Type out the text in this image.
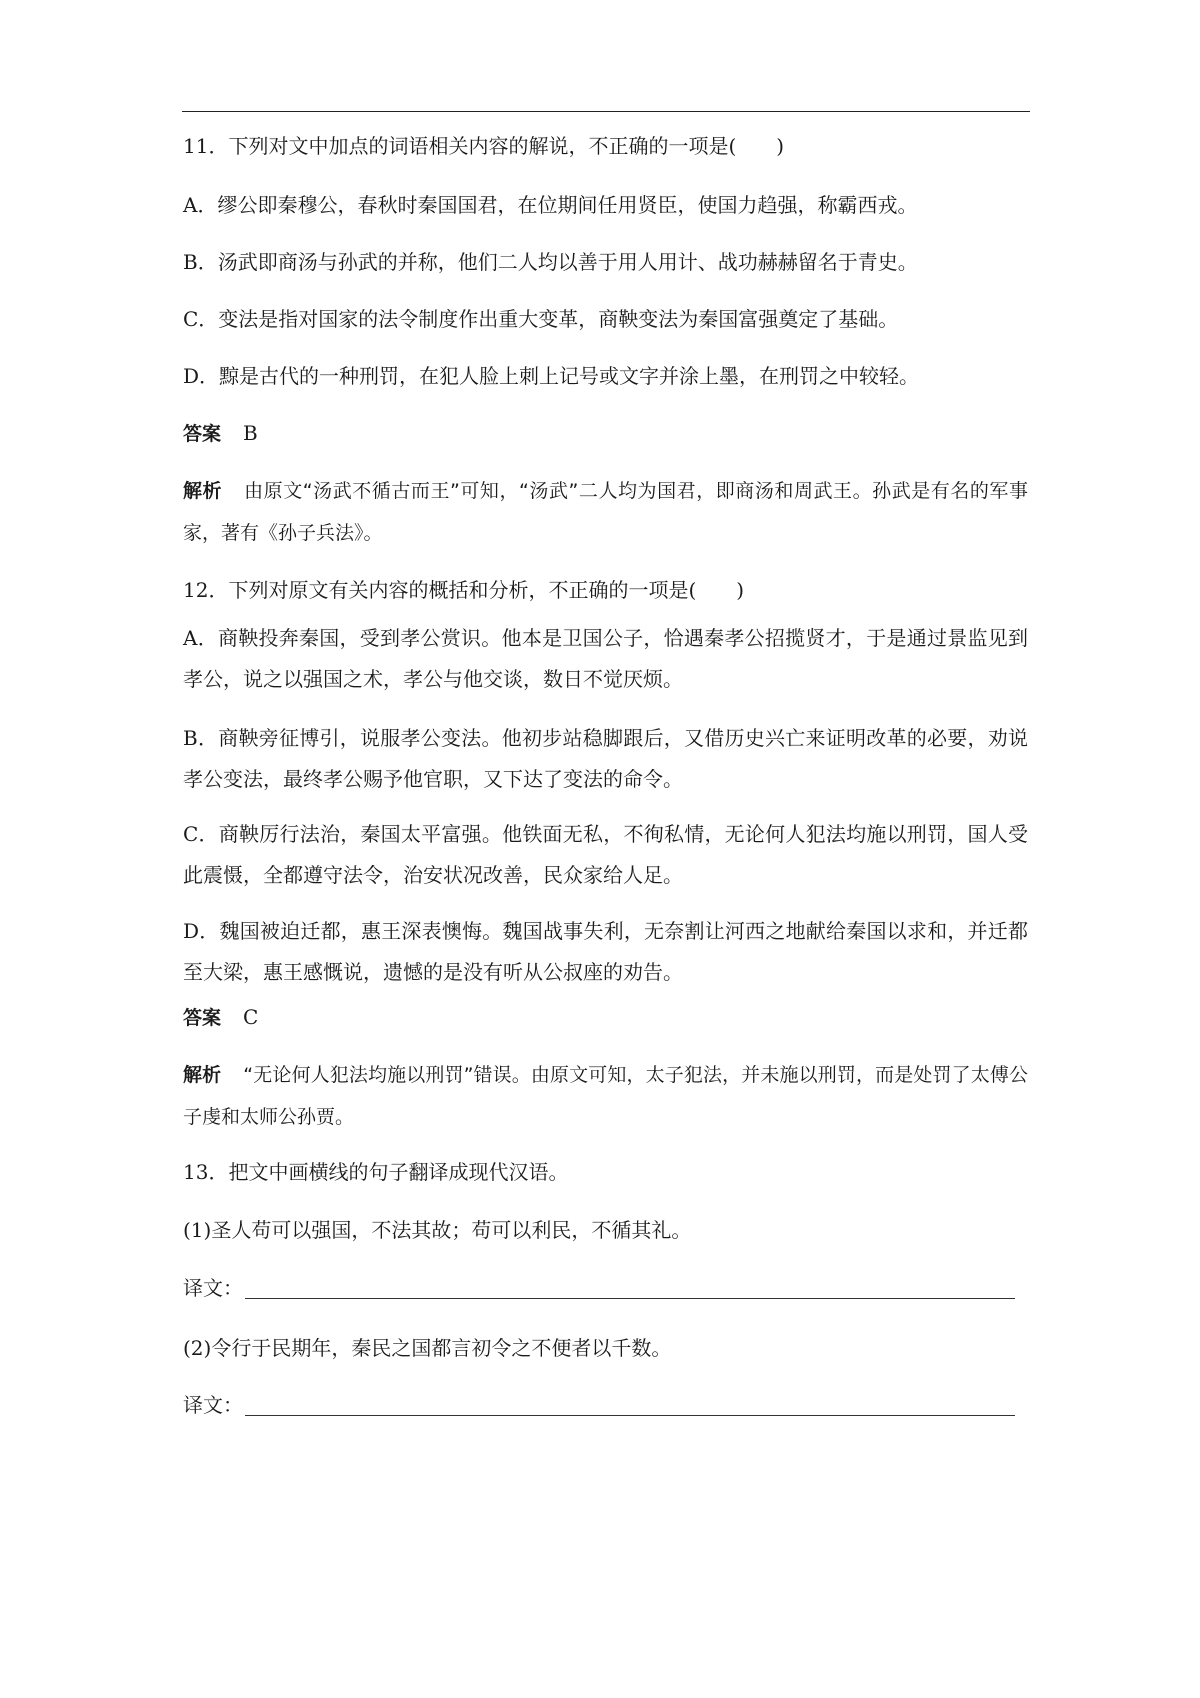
11．下列对文中加点的词语相关内容的解说，不正确的一项是(　　)
A．缪公即秦穆公，春秋时秦国国君，在位期间任用贤臣，使国力趋强，称霸西戎。
B．汤武即商汤与孙武的并称，他们二人均以善于用人用计、战功赫赫留名于青史。
C．变法是指对国家的法令制度作出重大变革，商鞅变法为秦国富强奠定了基础。
D．黥是古代的一种刑罚，在犯人脸上刺上记号或文字并涂上墨，在刑罚之中较轻。
答案 B
解析 由原文“汤武不循古而王”可知，“汤武”二人均为国君，即商汤和周武王。孙武是有名的军事家，著有《孙子兵法》。
12．下列对原文有关内容的概括和分析，不正确的一项是(　　)
A．商鞅投奔秦国，受到孝公赏识。他本是卫国公子，恰遇秦孝公招揽贤才，于是通过景监见到孝公，说之以强国之术，孝公与他交谈，数日不觉厌烦。
B．商鞅旁征博引，说服孝公变法。他初步站稳脚跟后，又借历史兴亡来证明改革的必要，劝说孝公变法，最终孝公赐予他官职，又下达了变法的命令。
C．商鞅厉行法治，秦国太平富强。他铁面无私，不徇私情，无论何人犯法均施以刑罚，国人受此震慑，全都遵守法令，治安状况改善，民众家给人足。
D．魏国被迫迁都，惠王深表懊悔。魏国战事失利，无奈割让河西之地献给秦国以求和，并迁都至大梁，惠王感慨说，遗憾的是没有听从公叔座的劝告。
答案 C
解析 “无论何人犯法均施以刑罚”错误。由原文可知，太子犯法，并未施以刑罚，而是处罚了太傅公子虔和太师公孙贾。
13．把文中画横线的句子翻译成现代汉语。
(1)圣人苟可以强国，不法其故；苟可以利民，不循其礼。
译文：
(2)令行于民期年，秦民之国都言初令之不便者以千数。
译文：
